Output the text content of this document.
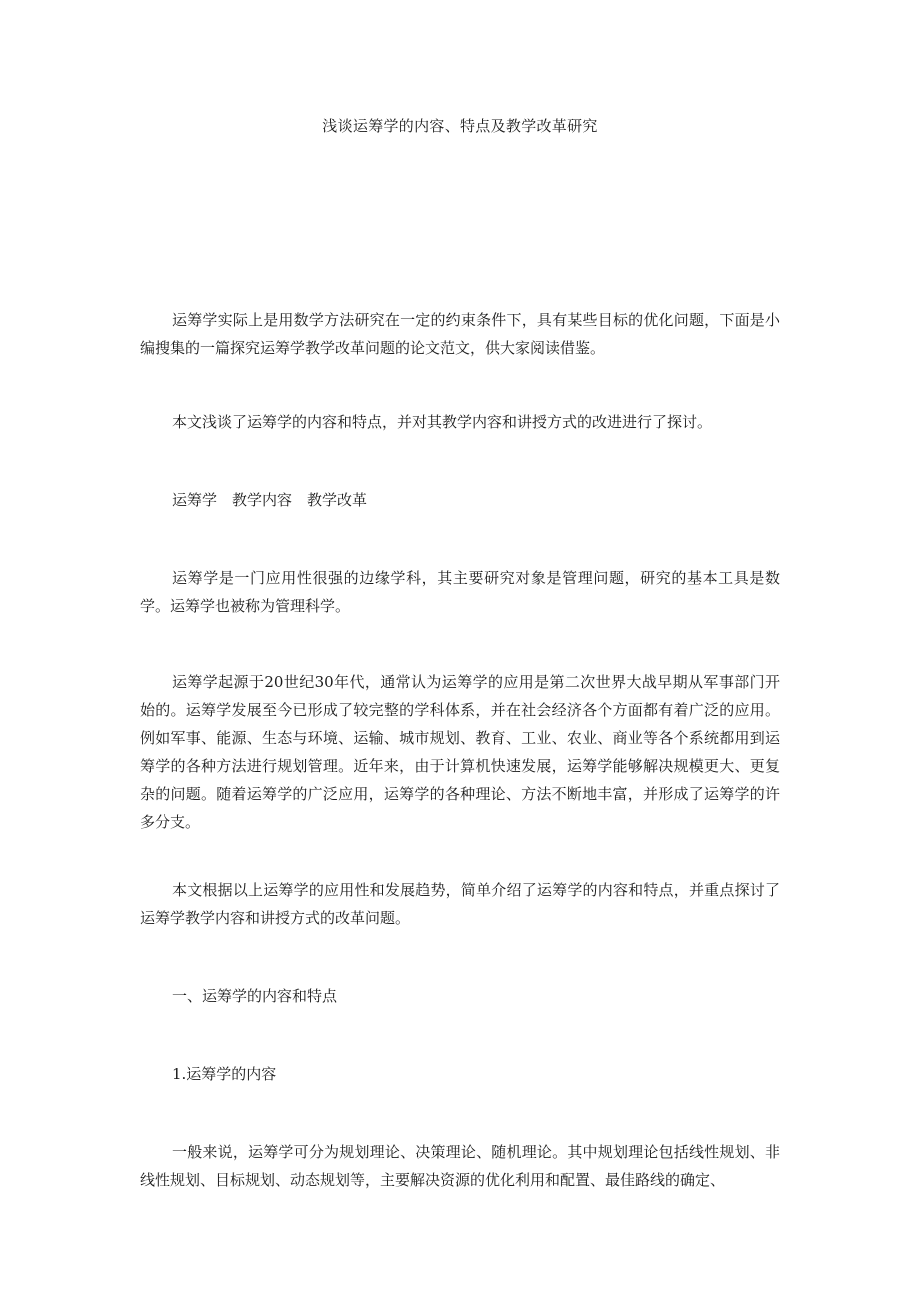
浅谈运筹学的内容、特点及教学改革研究

运筹学实际上是用数学方法研究在一定的约束条件下，具有某些目标的优化问题，下面是小编搜集的一篇探究运筹学教学改革问题的论文范文，供大家阅读借鉴。

本文浅谈了运筹学的内容和特点，并对其教学内容和讲授方式的改进进行了探讨。

运筹学　教学内容　教学改革

运筹学是一门应用性很强的边缘学科，其主要研究对象是管理问题，研究的基本工具是数学。运筹学也被称为管理科学。

运筹学起源于20世纪30年代，通常认为运筹学的应用是第二次世界大战早期从军事部门开始的。运筹学发展至今已形成了较完整的学科体系，并在社会经济各个方面都有着广泛的应用。例如军事、能源、生态与环境、运输、城市规划、教育、工业、农业、商业等各个系统都用到运筹学的各种方法进行规划管理。近年来，由于计算机快速发展，运筹学能够解决规模更大、更复杂的问题。随着运筹学的广泛应用，运筹学的各种理论、方法不断地丰富，并形成了运筹学的许多分支。

本文根据以上运筹学的应用性和发展趋势，简单介绍了运筹学的内容和特点，并重点探讨了运筹学教学内容和讲授方式的改革问题。

一、运筹学的内容和特点

1.运筹学的内容

一般来说，运筹学可分为规划理论、决策理论、随机理论。其中规划理论包括线性规划、非线性规划、目标规划、动态规划等，主要解决资源的优化利用和配置、最佳路线的确定、
